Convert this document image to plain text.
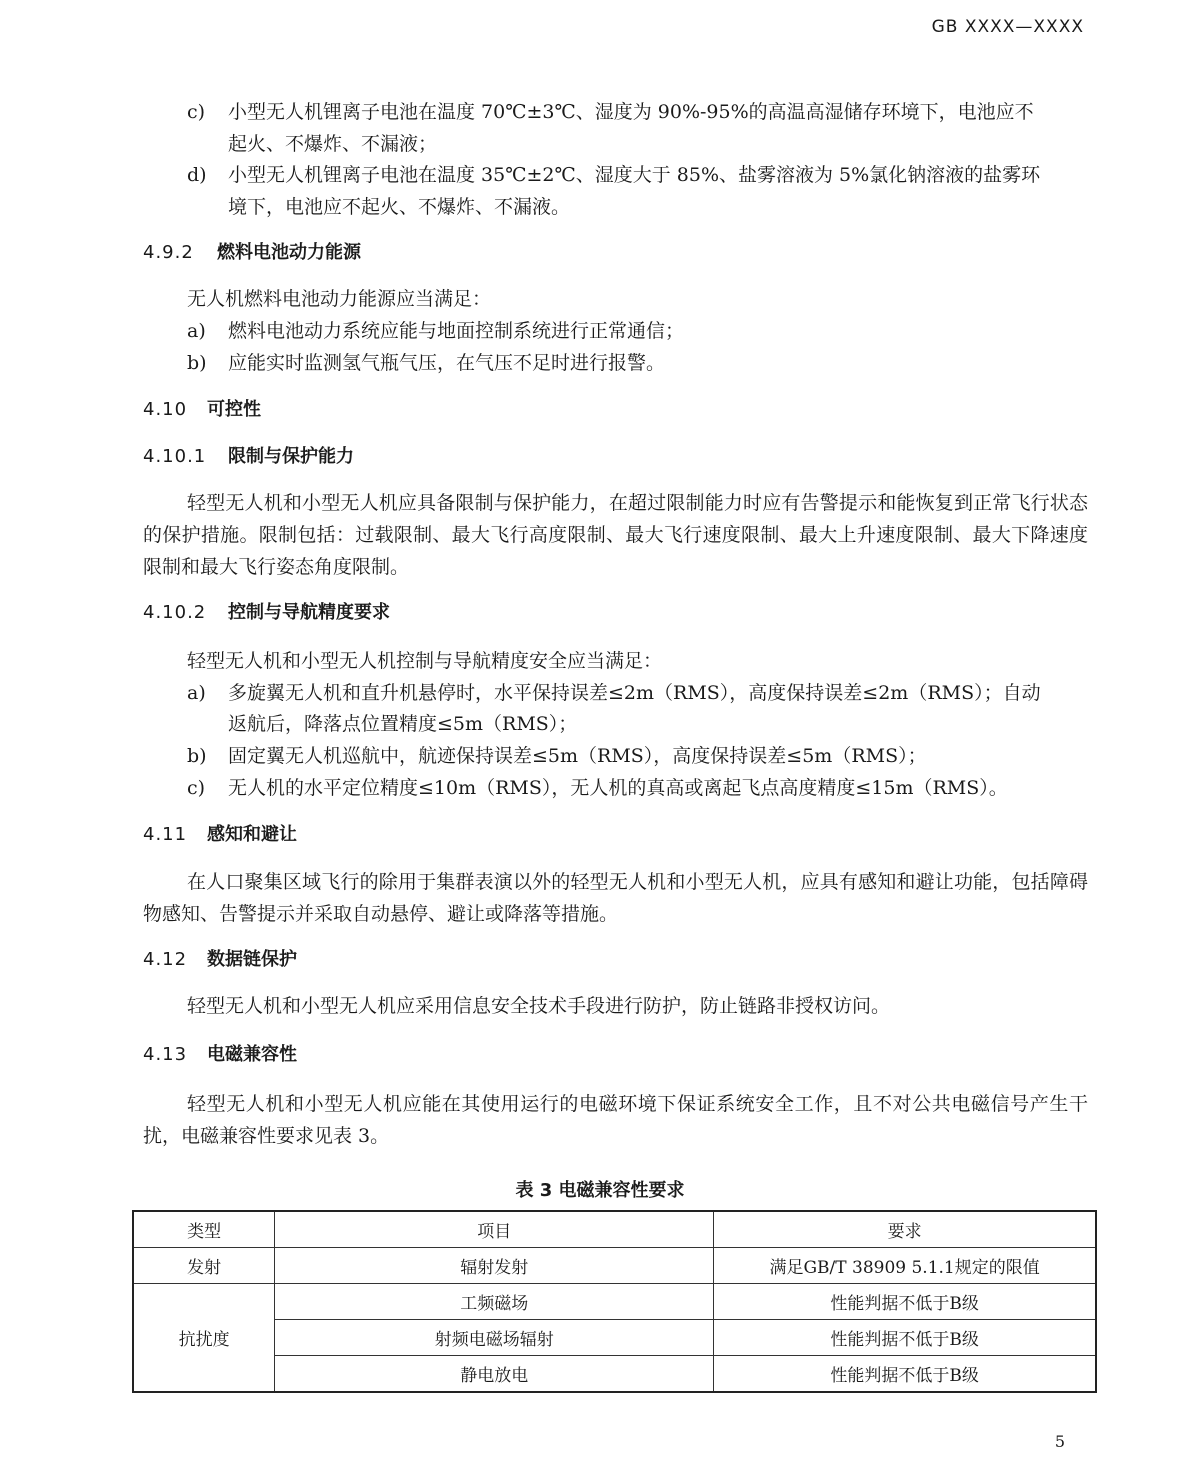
GB XXXX—XXXX
c)	小型无人机锂离子电池在温度 70℃±3℃、湿度为 90%-95%的高温高湿储存环境下，电池应不
起火、不爆炸、不漏液；
d)	小型无人机锂离子电池在温度 35℃±2℃、湿度大于 85%、盐雾溶液为 5%氯化钠溶液的盐雾环
境下，电池应不起火、不爆炸、不漏液。
4.9.2 燃料电池动力能源
无人机燃料电池动力能源应当满足：
a)	燃料电池动力系统应能与地面控制系统进行正常通信；
b)	应能实时监测氢气瓶气压，在气压不足时进行报警。
4.10 可控性
4.10.1 限制与保护能力
轻型无人机和小型无人机应具备限制与保护能力，在超过限制能力时应有告警提示和能恢复到正常飞行状态的保护措施。限制包括：过载限制、最大飞行高度限制、最大飞行速度限制、最大上升速度限制、最大下降速度限制和最大飞行姿态角度限制。
4.10.2 控制与导航精度要求
轻型无人机和小型无人机控制与导航精度安全应当满足：
a)	多旋翼无人机和直升机悬停时，水平保持误差≤2m（RMS），高度保持误差≤2m（RMS）；自动
返航后，降落点位置精度≤5m（RMS）；
b)	固定翼无人机巡航中，航迹保持误差≤5m（RMS），高度保持误差≤5m（RMS）；
c)	无人机的水平定位精度≤10m（RMS），无人机的真高或离起飞点高度精度≤15m（RMS）。
4.11 感知和避让
在人口聚集区域飞行的除用于集群表演以外的轻型无人机和小型无人机，应具有感知和避让功能，包括障碍物感知、告警提示并采取自动悬停、避让或降落等措施。
4.12 数据链保护
轻型无人机和小型无人机应采用信息安全技术手段进行防护，防止链路非授权访问。
4.13 电磁兼容性
轻型无人机和小型无人机应能在其使用运行的电磁环境下保证系统安全工作，且不对公共电磁信号产生干扰，电磁兼容性要求见表 3。
表 3 电磁兼容性要求
类型	项目	要求
发射	辐射发射	满足GB/T 38909 5.1.1规定的限值
抗扰度	工频磁场	性能判据不低于B级
	射频电磁场辐射	性能判据不低于B级
	静电放电	性能判据不低于B级
5
